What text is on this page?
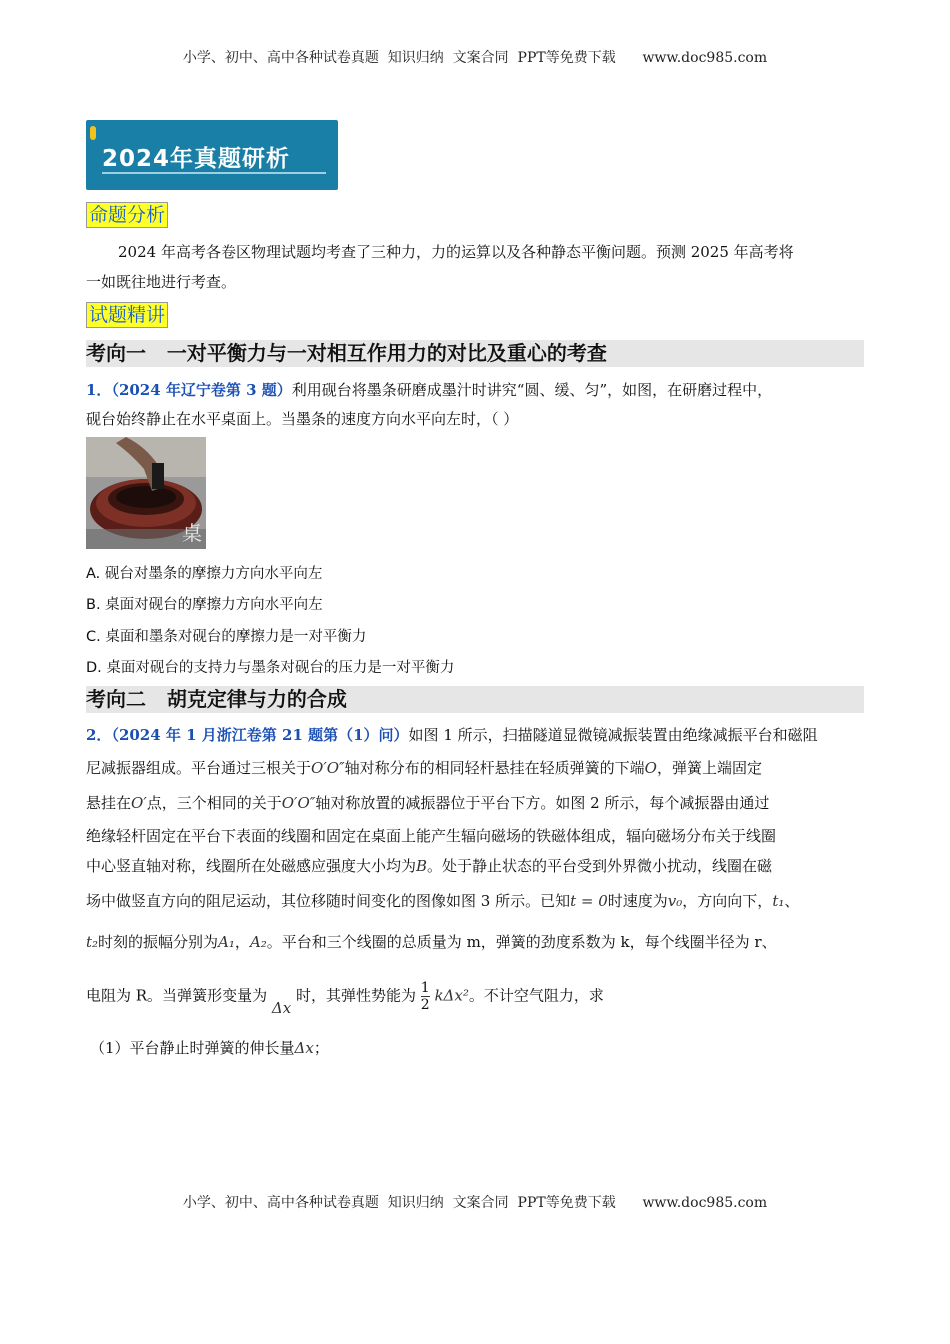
小学、初中、高中各种试卷真题  知识归纳  文案合同  PPT等免费下载      www.doc985.com
2024年真题研析
命题分析
2024 年高考各卷区物理试题均考查了三种力，力的运算以及各种静态平衡问题。预测 2025 年高考将
一如既往地进行考查。
试题精讲
考向一   一对平衡力与一对相互作用力的对比及重心的考查
1．（2024 年辽宁卷第 3 题）利用砚台将墨条研磨成墨汁时讲究“圆、缓、匀”，如图，在研磨过程中，
砚台始终静止在水平桌面上。当墨条的速度方向水平向左时，（ ）
桌
A. 砚台对墨条的摩擦力方向水平向左
B. 桌面对砚台的摩擦力方向水平向左
C. 桌面和墨条对砚台的摩擦力是一对平衡力
D. 桌面对砚台的支持力与墨条对砚台的压力是一对平衡力
考向二   胡克定律与力的合成
2．（2024 年 1 月浙江卷第 21 题第（1）问）如图 1 所示，扫描隧道显微镜减振装置由绝缘减振平台和磁阻
尼减振器组成。平台通过三根关于O′O″轴对称分布的相同轻杆悬挂在轻质弹簧的下端O，弹簧上端固定
悬挂在O′点，三个相同的关于O′O″轴对称放置的减振器位于平台下方。如图 2 所示，每个减振器由通过
绝缘轻杆固定在平台下表面的线圈和固定在桌面上能产生辐向磁场的铁磁体组成，辐向磁场分布关于线圈
中心竖直轴对称，线圈所在处磁感应强度大小均为B。处于静止状态的平台受到外界微小扰动，线圈在磁
场中做竖直方向的阻尼运动，其位移随时间变化的图像如图 3 所示。已知t = 0时速度为v₀，方向向下，t₁、
t₂时刻的振幅分别为A₁，A₂。平台和三个线圈的总质量为 m，弹簧的劲度系数为 k，每个线圈半径为 r、
电阻为 R。当弹簧形变量为 Δx 时，其弹性势能为 $\frac{1}{2} k\Delta x^2$。不计空气阻力，求
（1）平台静止时弹簧的伸长量Δx；
小学、初中、高中各种试卷真题  知识归纳  文案合同  PPT等免费下载      www.doc985.com
